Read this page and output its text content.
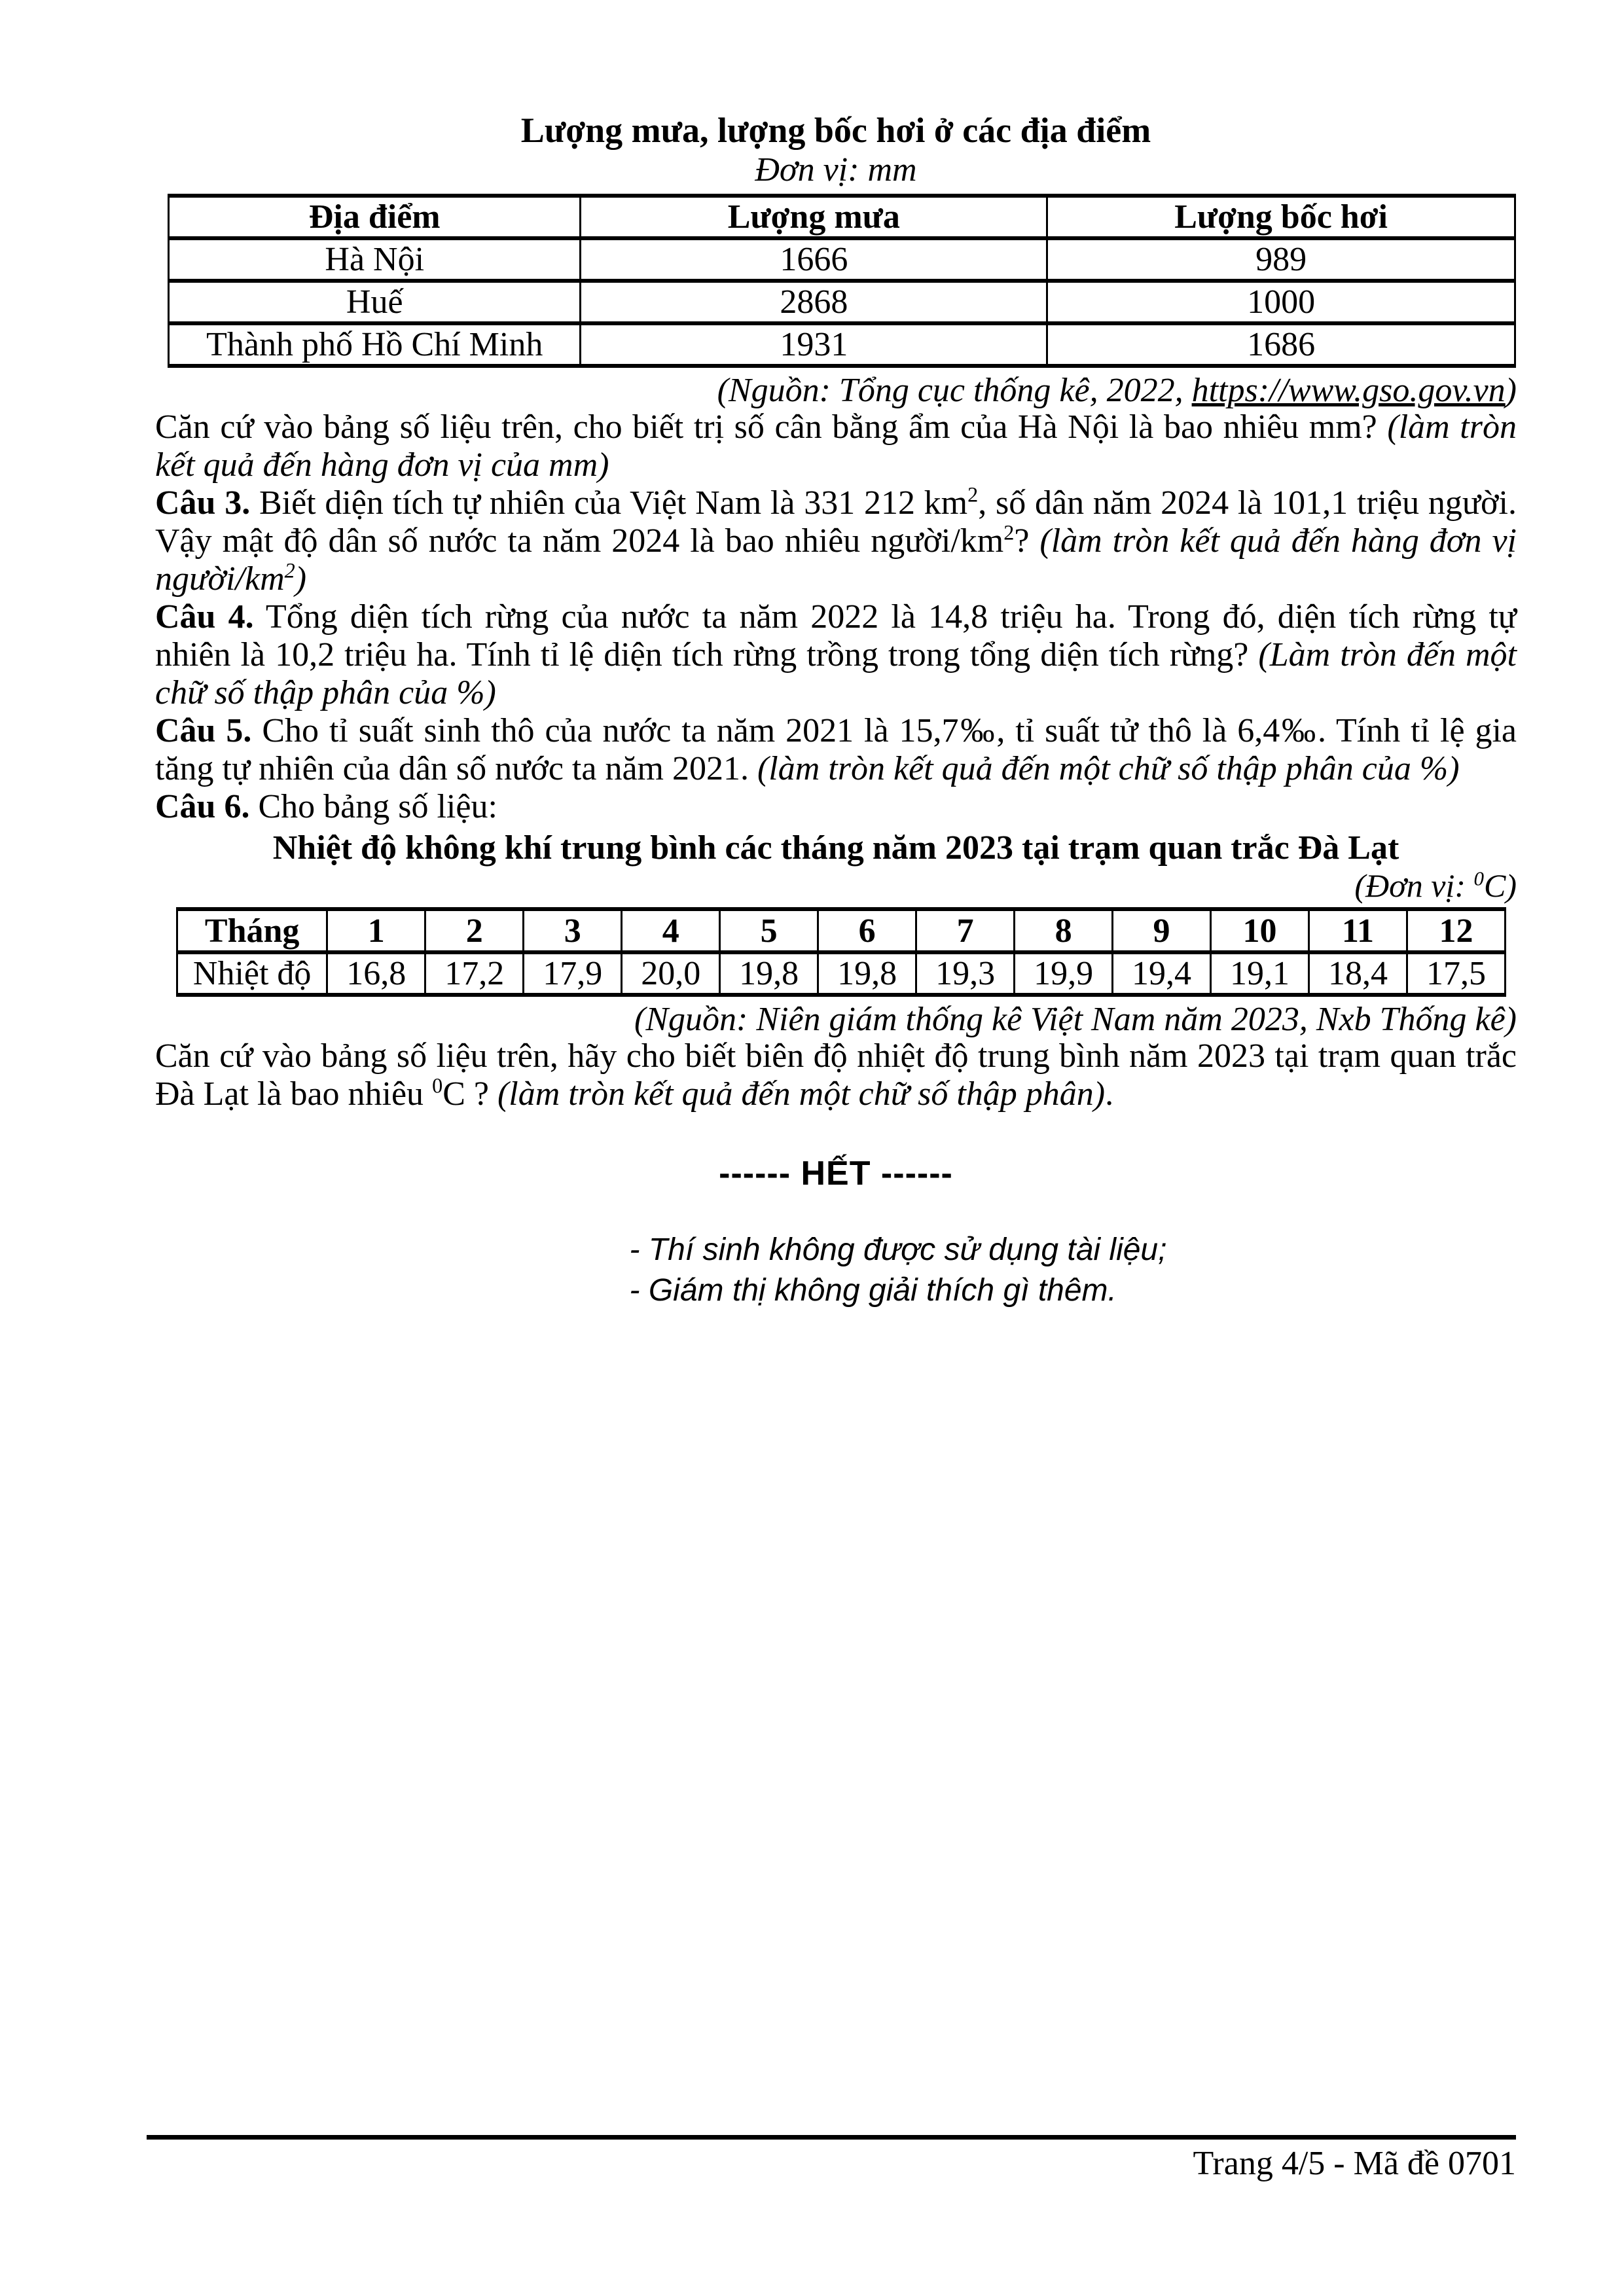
Lượng mưa, lượng bốc hơi ở các địa điểm
Đơn vị: mm
Địa điểm	Lượng mưa	Lượng bốc hơi
Hà Nội	1666	989
Huế	2868	1000
Thành phố Hồ Chí Minh	1931	1686
(Nguồn: Tổng cục thống kê, 2022, https://www.gso.gov.vn)

Căn cứ vào bảng số liệu trên, cho biết trị số cân bằng ẩm của Hà Nội là bao nhiêu mm? (làm tròn kết quả đến hàng đơn vị của mm)

Câu 3. Biết diện tích tự nhiên của Việt Nam là 331 212 $km^2$, số dân năm 2024 là 101,1 triệu người. Vậy mật độ dân số nước ta năm 2024 là bao nhiêu người/$km^2$? (làm tròn kết quả đến hàng đơn vị người/$km^2$)

Câu 4. Tổng diện tích rừng của nước ta năm 2022 là 14,8 triệu ha. Trong đó, diện tích rừng tự nhiên là 10,2 triệu ha. Tính tỉ lệ diện tích rừng trồng trong tổng diện tích rừng? (Làm tròn đến một chữ số thập phân của %)

Câu 5. Cho tỉ suất sinh thô của nước ta năm 2021 là 15,7‰, tỉ suất tử thô là 6,4‰. Tính tỉ lệ gia tăng tự nhiên của dân số nước ta năm 2021. (làm tròn kết quả đến một chữ số thập phân của %)

Câu 6. Cho bảng số liệu:

Nhiệt độ không khí trung bình các tháng năm 2023 tại trạm quan trắc Đà Lạt
(Đơn vị: $^0$C)
Tháng	1	2	3	4	5	6	7	8	9	10	11	12
Nhiệt độ	16,8	17,2	17,9	20,0	19,8	19,8	19,3	19,9	19,4	19,1	18,4	17,5
(Nguồn: Niên giám thống kê Việt Nam năm 2023, Nxb Thống kê)

Căn cứ vào bảng số liệu trên, hãy cho biết biên độ nhiệt độ trung bình năm 2023 tại trạm quan trắc Đà Lạt là bao nhiêu $^0$C ? (làm tròn kết quả đến một chữ số thập phân).

------ HẾT ------
- Thí sinh không được sử dụng tài liệu;
- Giám thị không giải thích gì thêm.
Trang 4/5 - Mã đề 0701
